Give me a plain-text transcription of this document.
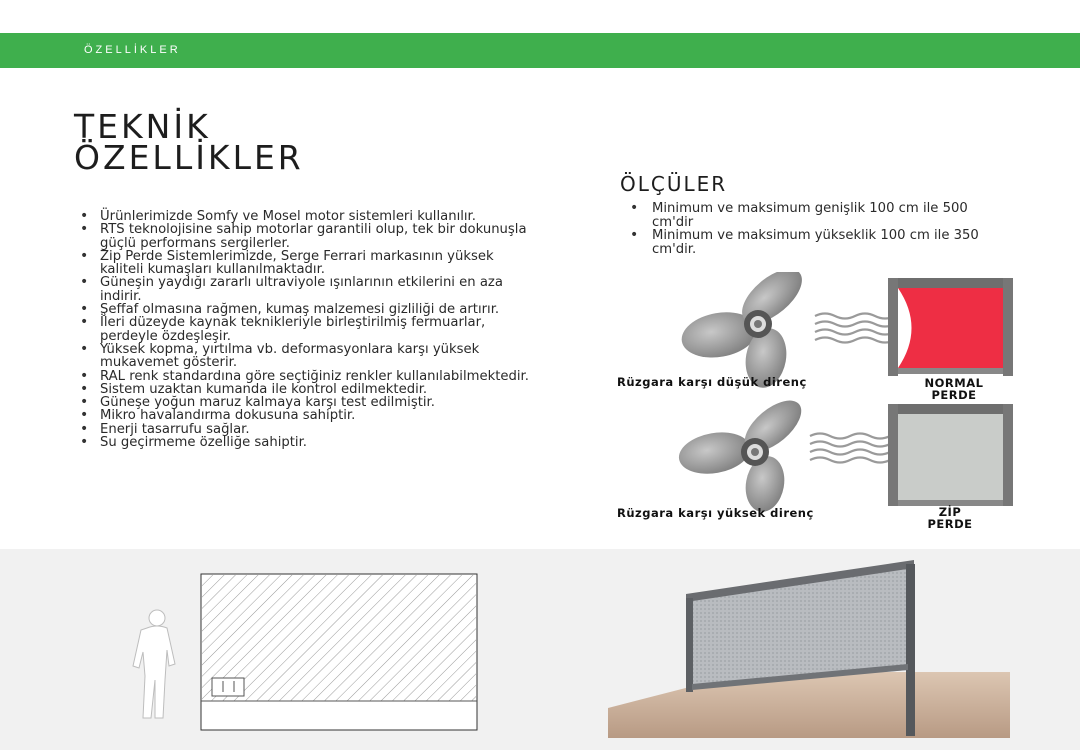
ÖZELLİKLER
TEKNİK
ÖZELLİKLER
• Ürünlerimizde Somfy ve Mosel motor sistemleri kullanılır.
• RTS teknolojisine sahip motorlar garantili olup, tek bir dokunuşla güçlü performans sergilerler.
• Zip Perde Sistemlerimizde, Serge Ferrari markasının yüksek kaliteli kumaşları kullanılmaktadır.
• Güneşin yaydığı zararlı ultraviyole ışınlarının etkilerini en aza indirir.
• Şeffaf olmasına rağmen, kumaş malzemesi gizliliği de artırır.
• İleri düzeyde kaynak teknikleriyle birleştirilmiş fermuarlar, perdeyle özdeşleşir.
• Yüksek kopma, yırtılma vb. deformasyonlara karşı yüksek mukavemet gösterir.
• RAL renk standardına göre seçtiğiniz renkler kullanılabilmektedir.
• Sistem uzaktan kumanda ile kontrol edilmektedir.
• Güneşe yoğun maruz kalmaya karşı test edilmiştir.
• Mikro havalandırma dokusuna sahiptir.
• Enerji tasarrufu sağlar.
• Su geçirmeme özelliğe sahiptir.
ÖLÇÜLER
• Minimum ve maksimum genişlik 100 cm ile 500 cm'dir
• Minimum ve maksimum yükseklik 100 cm ile 350 cm'dir.
Rüzgara karşı düşük direnç	NORMAL
PERDE
Rüzgara karşı yüksek direnç	ZİP
PERDE
